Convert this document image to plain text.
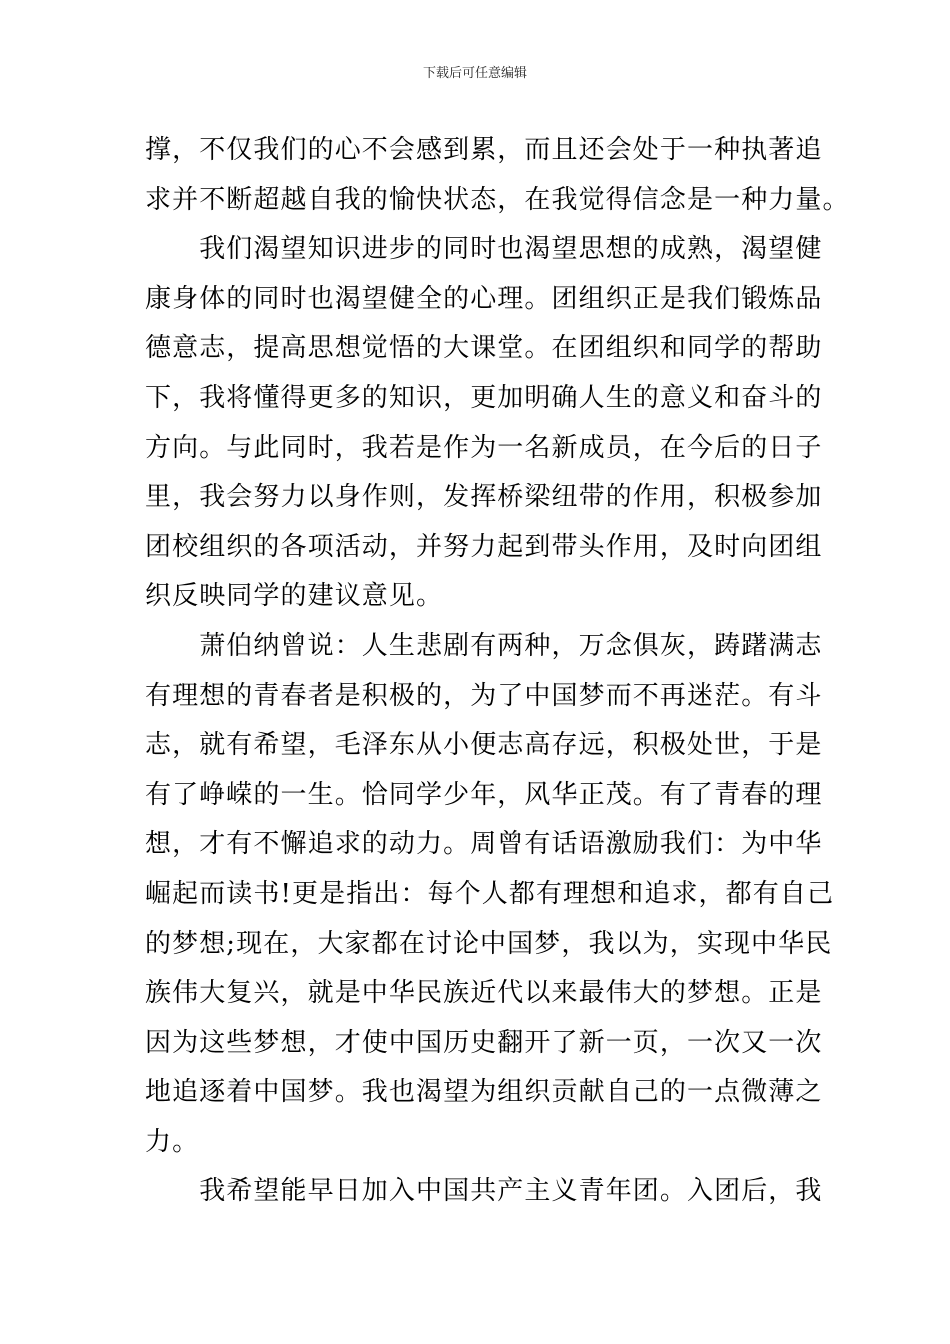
下载后可任意编辑
撑，不仅我们的心不会感到累，而且还会处于一种执著追
求并不断超越自我的愉快状态，在我觉得信念是一种力量。
　　我们渴望知识进步的同时也渴望思想的成熟，渴望健
康身体的同时也渴望健全的心理。团组织正是我们锻炼品
德意志，提高思想觉悟的大课堂。在团组织和同学的帮助
下，我将懂得更多的知识，更加明确人生的意义和奋斗的
方向。与此同时，我若是作为一名新成员，在今后的日子
里，我会努力以身作则，发挥桥梁纽带的作用，积极参加
团校组织的各项活动，并努力起到带头作用，及时向团组
织反映同学的建议意见。
　　萧伯纳曾说：人生悲剧有两种，万念俱灰，踌躇满志
有理想的青春者是积极的，为了中国梦而不再迷茫。有斗
志，就有希望，毛泽东从小便志高存远，积极处世，于是
有了峥嵘的一生。恰同学少年，风华正茂。有了青春的理
想，才有不懈追求的动力。周曾有话语激励我们：为中华
崛起而读书!更是指出：每个人都有理想和追求，都有自己
的梦想;现在，大家都在讨论中国梦，我以为，实现中华民
族伟大复兴，就是中华民族近代以来最伟大的梦想。正是
因为这些梦想，才使中国历史翻开了新一页，一次又一次
地追逐着中国梦。我也渴望为组织贡献自己的一点微薄之
力。
　　我希望能早日加入中国共产主义青年团。入团后，我
